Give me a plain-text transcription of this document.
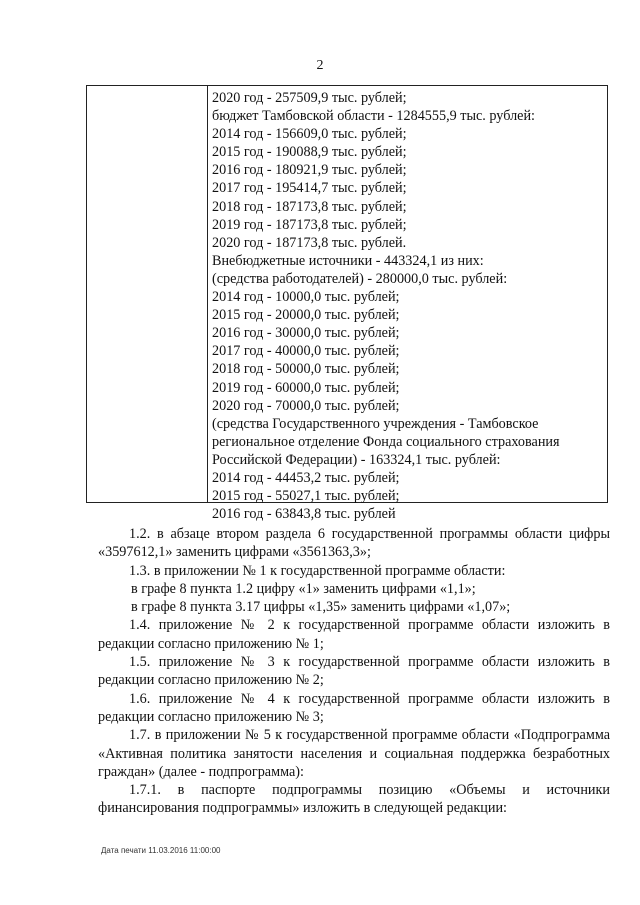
2
2020 год - 257509,9 тыс. рублей;
бюджет Тамбовской области - 1284555,9 тыс. рублей:
2014 год - 156609,0 тыс. рублей;
2015 год - 190088,9 тыс. рублей;
2016 год - 180921,9 тыс. рублей;
2017 год - 195414,7 тыс. рублей;
2018 год - 187173,8 тыс. рублей;
2019 год - 187173,8 тыс. рублей;
2020 год - 187173,8 тыс. рублей.
Внебюджетные источники - 443324,1 из них:
(средства работодателей) - 280000,0 тыс. рублей:
2014 год - 10000,0 тыс. рублей;
2015 год - 20000,0 тыс. рублей;
2016 год - 30000,0 тыс. рублей;
2017 год - 40000,0 тыс. рублей;
2018 год - 50000,0 тыс. рублей;
2019 год - 60000,0 тыс. рублей;
2020 год - 70000,0 тыс. рублей;
(средства Государственного учреждения - Тамбовское
региональное отделение Фонда социального страхования
Российской Федерации) - 163324,1 тыс. рублей:
2014 год - 44453,2 тыс. рублей;
2015 год - 55027,1 тыс. рублей;
2016 год - 63843,8 тыс. рублей
1.2. в абзаце втором раздела 6 государственной программы области цифры «3597612,1» заменить цифрами «3561363,3»;
1.3. в приложении № 1 к государственной программе области:
в графе 8 пункта 1.2 цифру «1» заменить цифрами «1,1»;
в графе 8 пункта 3.17 цифры «1,35» заменить цифрами «1,07»;
1.4. приложение № 2 к государственной программе области изложить в редакции согласно приложению № 1;
1.5. приложение № 3 к государственной программе области изложить в редакции согласно приложению № 2;
1.6. приложение № 4 к государственной программе области изложить в редакции согласно приложению № 3;
1.7. в приложении № 5 к государственной программе области «Подпрограмма «Активная политика занятости населения и социальная поддержка безработных граждан» (далее - подпрограмма):
1.7.1. в паспорте подпрограммы позицию «Объемы и источники финансирования подпрограммы» изложить в следующей редакции:
Дата печати 11.03.2016 11:00:00
